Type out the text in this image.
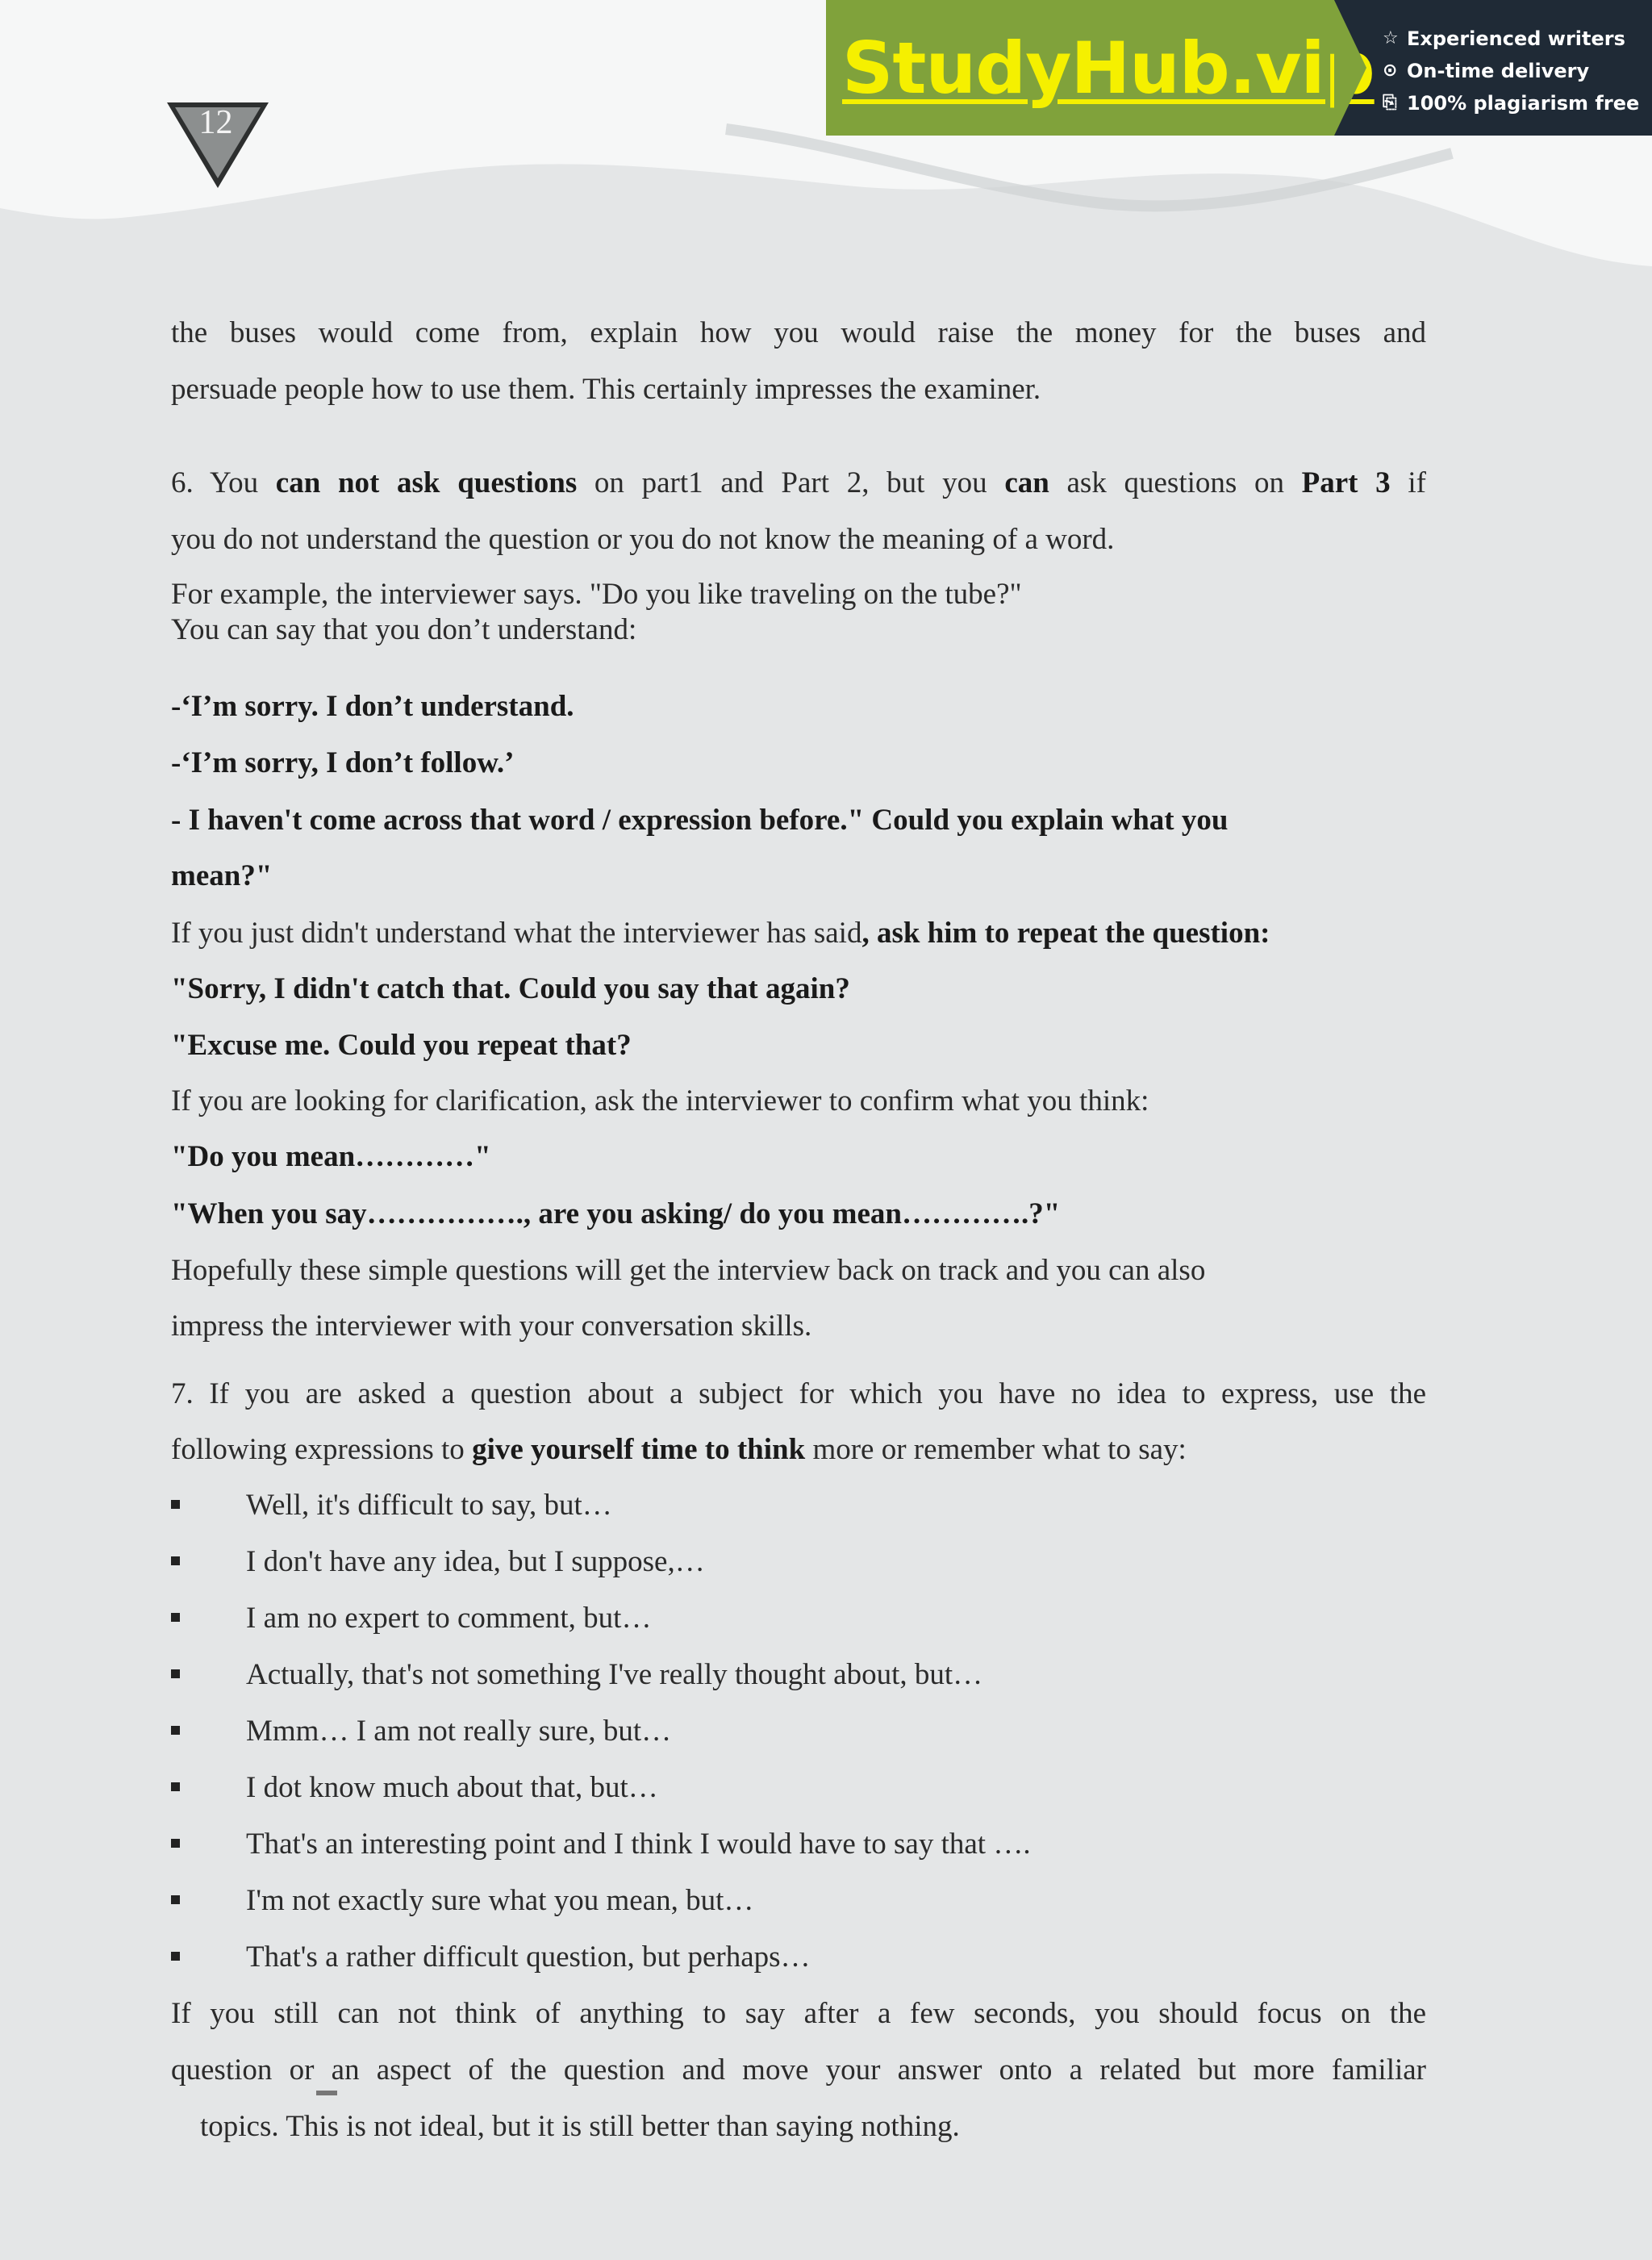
12
StudyHub.vip ☆ Experienced writers
⊙ On-time delivery
⎘ 100% plagiarism free
the buses would come from, explain how you would raise the money for the buses and
persuade people how to use them. This certainly impresses the examiner.
6. You can not ask questions on part1 and Part 2, but you can ask questions on Part 3 if
you do not understand the question or you do not know the meaning of a word.
For example, the interviewer says. "Do you like traveling on the tube?"
You can say that you don’t understand:
-‘I’m sorry. I don’t understand.
-‘I’m sorry, I don’t follow.’
- I haven't come across that word / expression before." Could you explain what you
mean?"
If you just didn't understand what the interviewer has said, ask him to repeat the question:
"Sorry, I didn't catch that. Could you say that again?
"Excuse me. Could you repeat that?
If you are looking for clarification, ask the interviewer to confirm what you think:
"Do you mean…………"
"When you say……………., are you asking/ do you mean………….?"
Hopefully these simple questions will get the interview back on track and you can also
impress the interviewer with your conversation skills.
7. If you are asked a question about a subject for which you have no idea to express, use the
following expressions to give yourself time to think more or remember what to say:
Well, it's difficult to say, but…
I don't have any idea, but I suppose,…
I am no expert to comment, but…
Actually, that's not something I've really thought about, but…
Mmm… I am not really sure, but…
I dot know much about that, but…
That's an interesting point and I think I would have to say that ….
I'm not exactly sure what you mean, but…
That's a rather difficult question, but perhaps…
If you still can not think of anything to say after a few seconds, you should focus on the
question or an aspect of the question and move your answer onto a related but more familiar
topics. This is not ideal, but it is still better than saying nothing.
